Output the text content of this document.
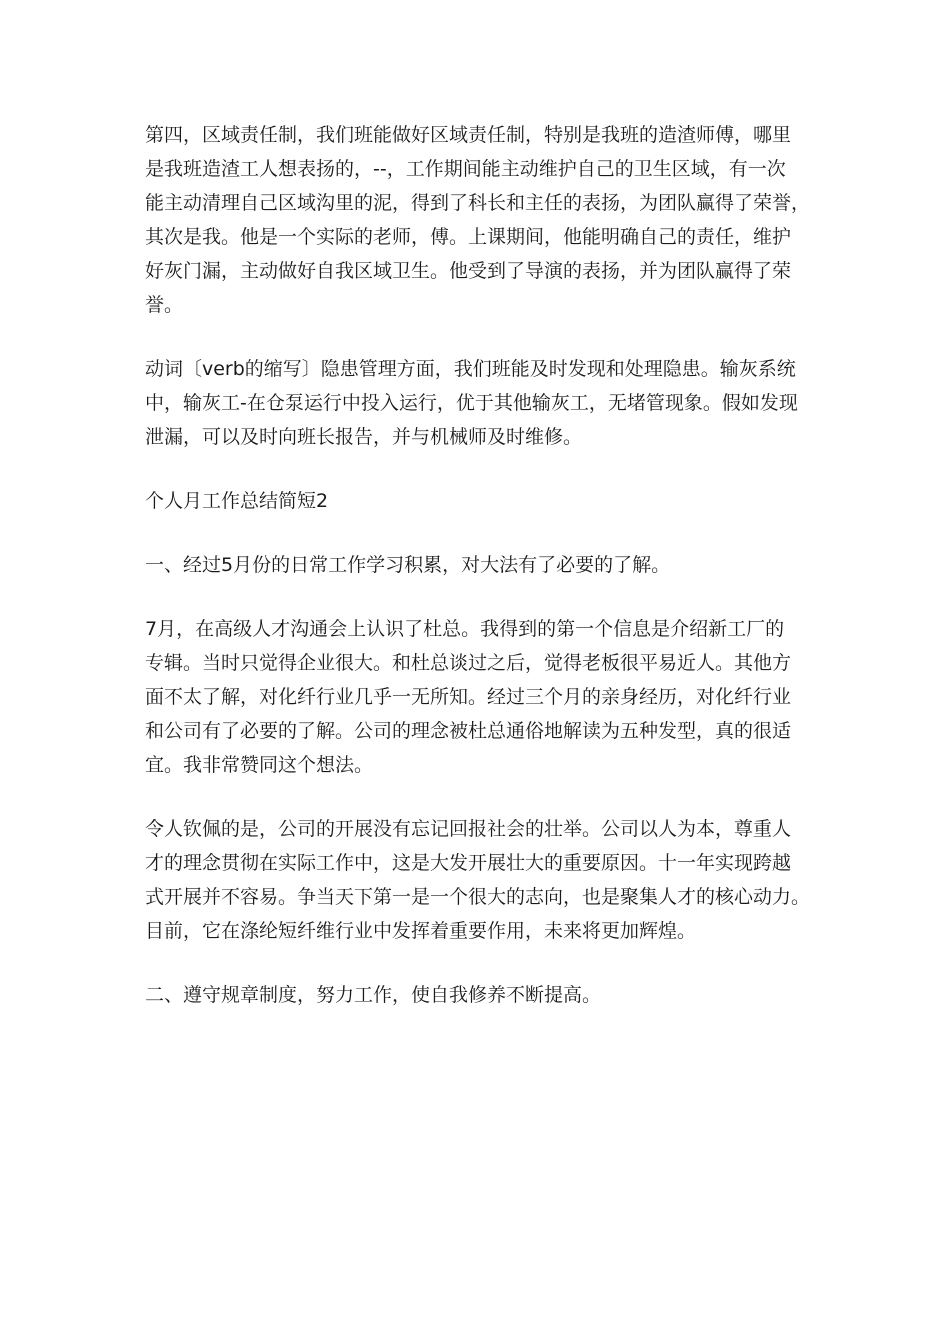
第四，区域责任制，我们班能做好区域责任制，特别是我班的造渣师傅，哪里
是我班造渣工人想表扬的，--，工作期间能主动维护自己的卫生区域，有一次
能主动清理自己区域沟里的泥，得到了科长和主任的表扬，为团队赢得了荣誉，
其次是我。他是一个实际的老师，傅。上课期间，他能明确自己的责任，维护
好灰门漏，主动做好自我区域卫生。他受到了导演的表扬，并为团队赢得了荣
誉。

动词〔verb的缩写〕隐患管理方面，我们班能及时发现和处理隐患。输灰系统
中，输灰工-在仓泵运行中投入运行，优于其他输灰工，无堵管现象。假如发现
泄漏，可以及时向班长报告，并与机械师及时维修。

个人月工作总结简短2

一、经过5月份的日常工作学习积累，对大法有了必要的了解。

7月，在高级人才沟通会上认识了杜总。我得到的第一个信息是介绍新工厂的
专辑。当时只觉得企业很大。和杜总谈过之后，觉得老板很平易近人。其他方
面不太了解，对化纤行业几乎一无所知。经过三个月的亲身经历，对化纤行业
和公司有了必要的了解。公司的理念被杜总通俗地解读为五种发型，真的很适
宜。我非常赞同这个想法。

令人钦佩的是，公司的开展没有忘记回报社会的壮举。公司以人为本，尊重人
才的理念贯彻在实际工作中，这是大发开展壮大的重要原因。十一年实现跨越
式开展并不容易。争当天下第一是一个很大的志向，也是聚集人才的核心动力。
目前，它在涤纶短纤维行业中发挥着重要作用，未来将更加辉煌。

二、遵守规章制度，努力工作，使自我修养不断提高。
